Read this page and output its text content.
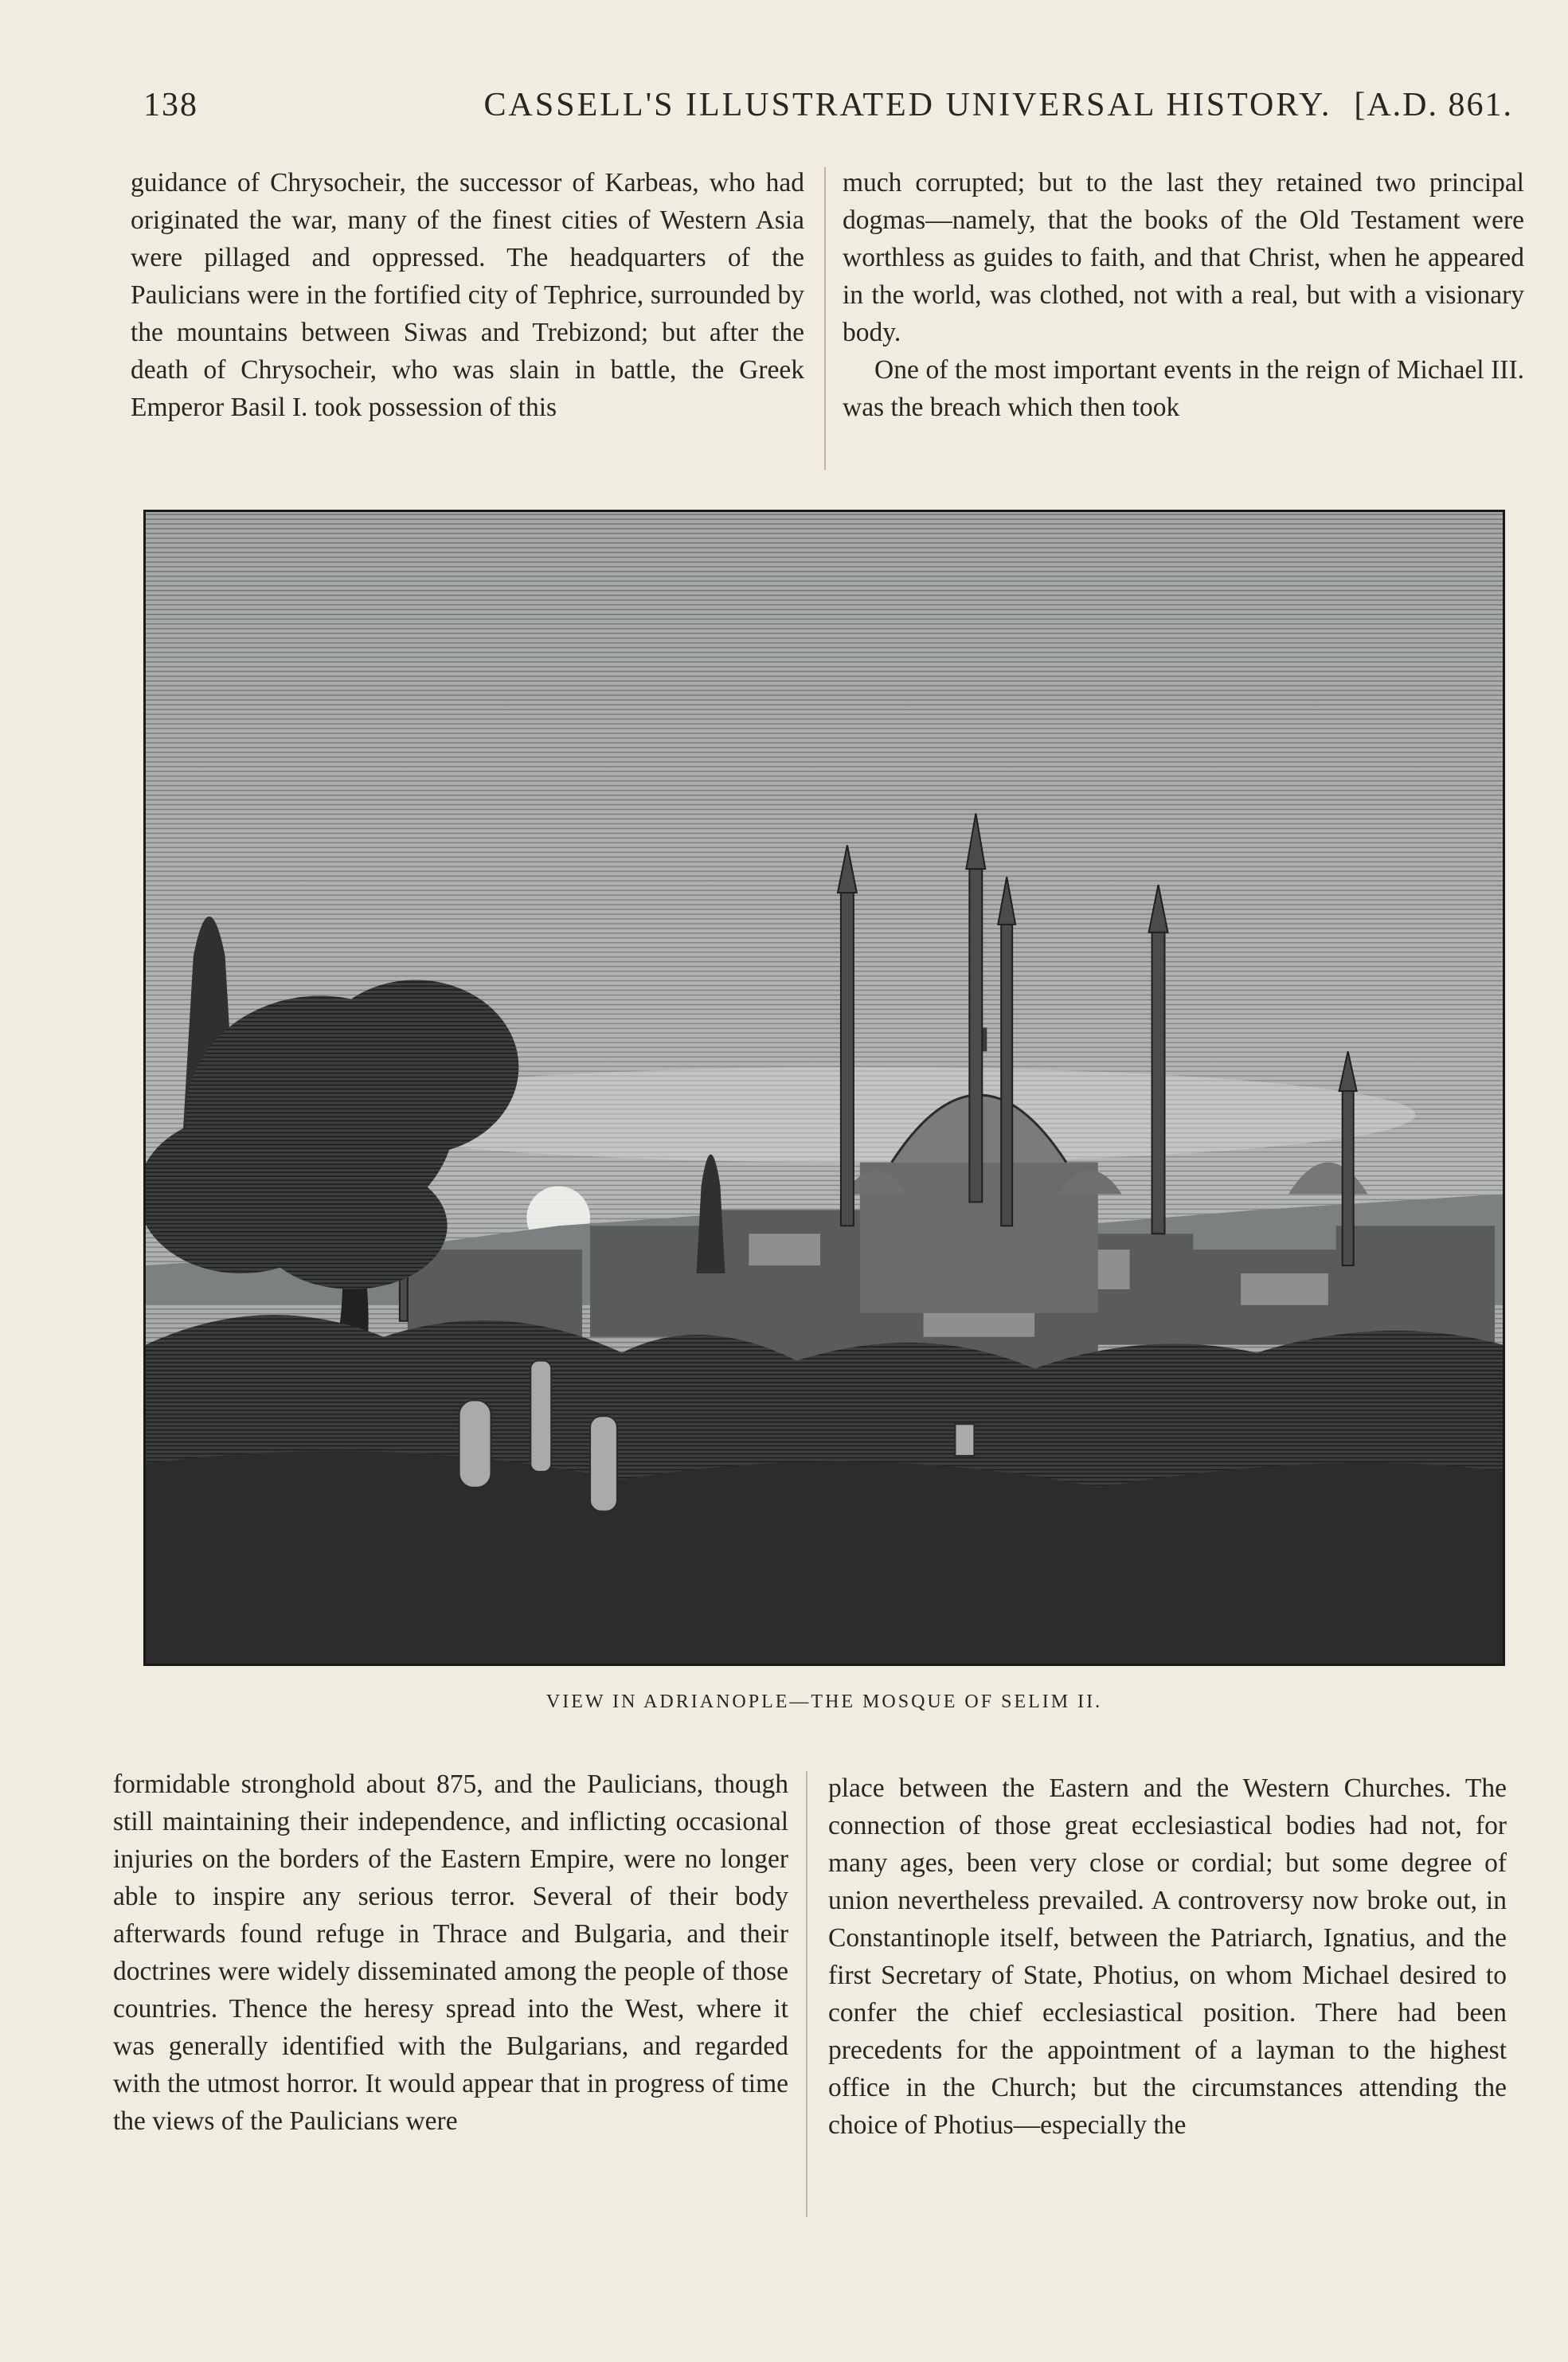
138	CASSELL'S ILLUSTRATED UNIVERSAL HISTORY. [A.D. 861.

guidance of Chrysocheir, the successor of Karbeas, who had originated the war, many of the finest cities of Western Asia were pillaged and oppressed. The headquarters of the Paulicians were in the fortified city of Tephrice, surrounded by the mountains between Siwas and Trebizond; but after the death of Chrysocheir, who was slain in battle, the Greek Emperor Basil I. took possession of this

much corrupted; but to the last they retained two principal dogmas—namely, that the books of the Old Testament were worthless as guides to faith, and that Christ, when he appeared in the world, was clothed, not with a real, but with a visionary body.

One of the most important events in the reign of Michael III. was the breach which then took

VIEW IN ADRIANOPLE—THE MOSQUE OF SELIM II.

formidable stronghold about 875, and the Paulicians, though still maintaining their independence, and inflicting occasional injuries on the borders of the Eastern Empire, were no longer able to inspire any serious terror. Several of their body afterwards found refuge in Thrace and Bulgaria, and their doctrines were widely disseminated among the people of those countries. Thence the heresy spread into the West, where it was generally identified with the Bulgarians, and regarded with the utmost horror. It would appear that in progress of time the views of the Paulicians were

place between the Eastern and the Western Churches. The connection of those great ecclesiastical bodies had not, for many ages, been very close or cordial; but some degree of union nevertheless prevailed. A controversy now broke out, in Constantinople itself, between the Patriarch, Ignatius, and the first Secretary of State, Photius, on whom Michael desired to confer the chief ecclesiastical position. There had been precedents for the appointment of a layman to the highest office in the Church; but the circumstances attending the choice of Photius—especially the
